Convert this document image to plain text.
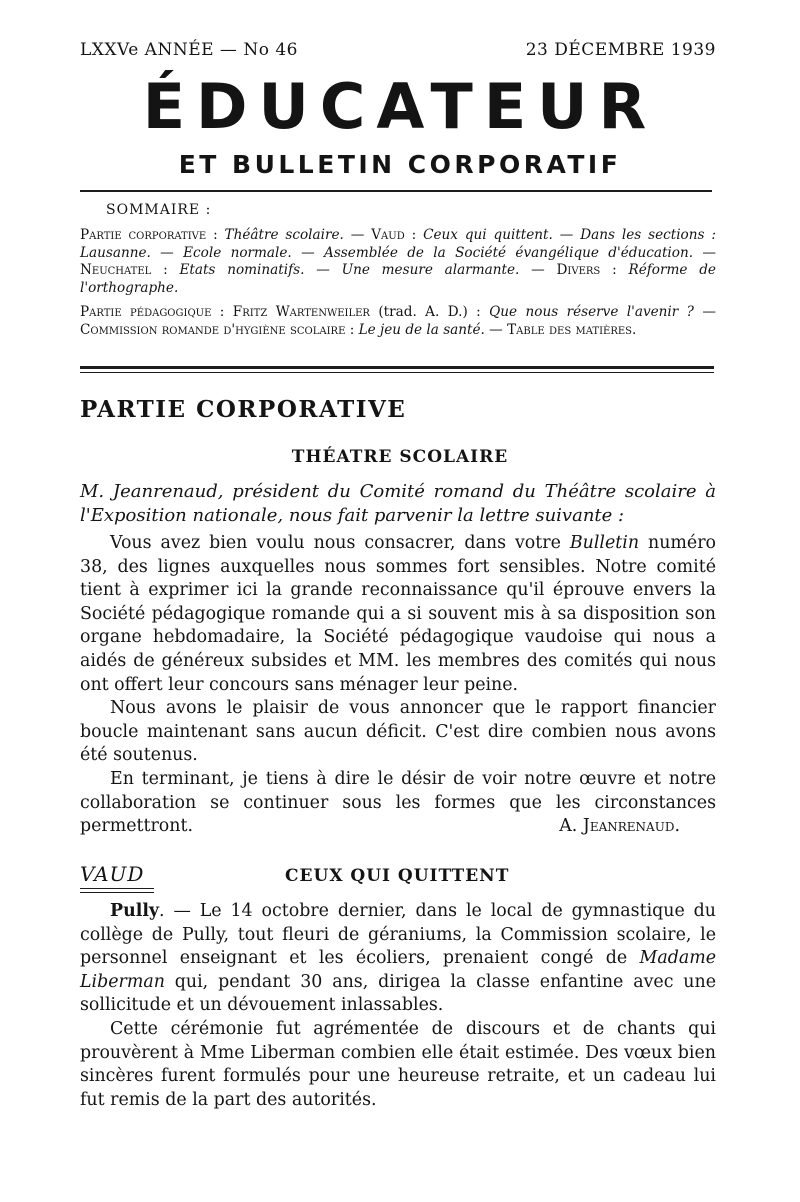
LXXVe ANNÉE — No 46	23 DÉCEMBRE 1939
ÉDUCATEUR
ET BULLETIN CORPORATIF
SOMMAIRE :
Partie corporative : Théâtre scolaire. — Vaud : Ceux qui quittent. — Dans les sections : Lausanne. — Ecole normale. — Assemblée de la Société évangélique d'éducation. — Neuchatel : Etats nominatifs. — Une mesure alarmante. — Divers : Réforme de l'orthographe.
Partie pédagogique : Fritz Wartenweiler (trad. A. D.) : Que nous réserve l'avenir ? — Commission romande d'hygiène scolaire : Le jeu de la santé. — Table des matières.
PARTIE CORPORATIVE
THÉATRE SCOLAIRE
M. Jeanrenaud, président du Comité romand du Théâtre scolaire à l'Exposition nationale, nous fait parvenir la lettre suivante :

Vous avez bien voulu nous consacrer, dans votre Bulletin numéro 38, des lignes auxquelles nous sommes fort sensibles. Notre comité tient à exprimer ici la grande reconnaissance qu'il éprouve envers la Société pédagogique romande qui a si souvent mis à sa disposition son organe hebdomadaire, la Société pédagogique vaudoise qui nous a aidés de généreux subsides et MM. les membres des comités qui nous ont offert leur concours sans ménager leur peine.

Nous avons le plaisir de vous annoncer que le rapport financier boucle maintenant sans aucun déficit. C'est dire combien nous avons été soutenus.

En terminant, je tiens à dire le désir de voir notre œuvre et notre collaboration se continuer sous les formes que les circonstances permettront.	A. Jeanrenaud.
VAUD	CEUX QUI QUITTENT

Pully. — Le 14 octobre dernier, dans le local de gymnastique du collège de Pully, tout fleuri de géraniums, la Commission scolaire, le personnel enseignant et les écoliers, prenaient congé de Madame Liberman qui, pendant 30 ans, dirigea la classe enfantine avec une sollicitude et un dévouement inlassables.

Cette cérémonie fut agrémentée de discours et de chants qui prouvèrent à Mme Liberman combien elle était estimée. Des vœux bien sincères furent formulés pour une heureuse retraite, et un cadeau lui fut remis de la part des autorités.
